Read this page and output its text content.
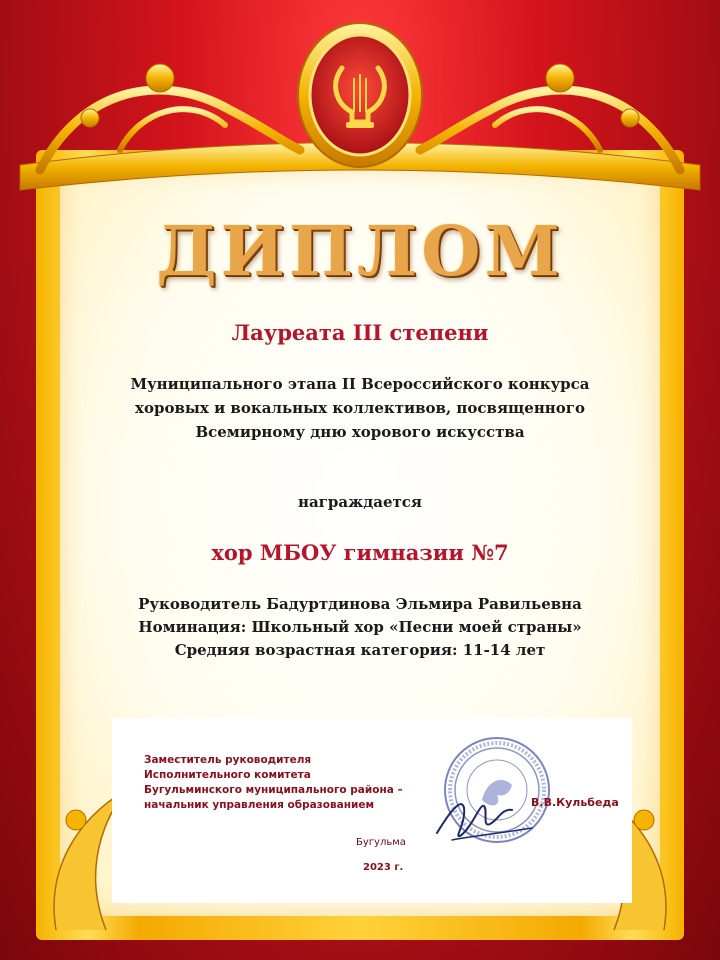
ДИПЛОМ
Лауреата III степени
Муниципального этапа II Всероссийского конкурса
хоровых и вокальных коллективов, посвященного
Всемирному дню хорового искусства
награждается
хор МБОУ гимназии №7
Руководитель Бадуртдинова Эльмира Равильевна
Номинация: Школьный хор «Песни моей страны»
Средняя возрастная категория: 11-14 лет
Заместитель руководителя
Исполнительного комитета
Бугульминского муниципального района –
начальник управления образованием	В.В.Кульбеда
Бугульма
2023 г.
